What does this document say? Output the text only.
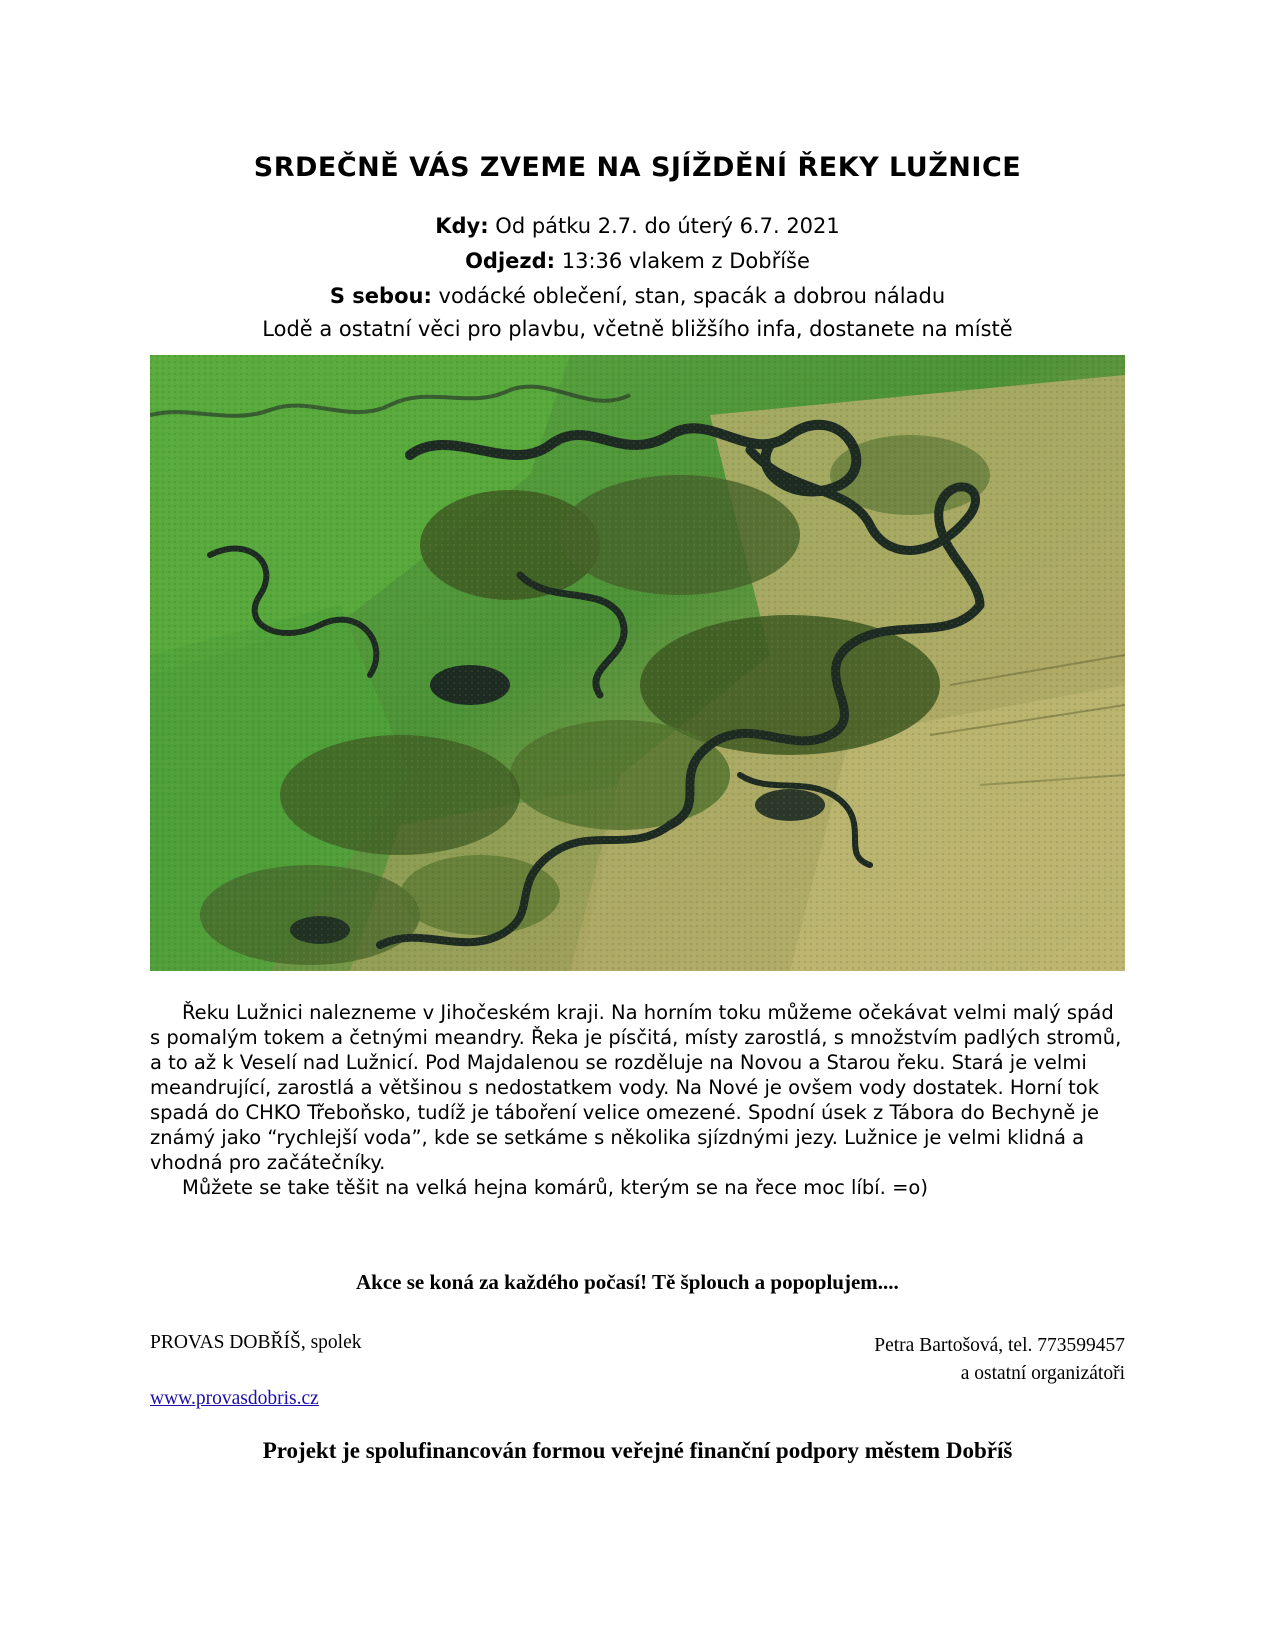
SRDEČNĚ VÁS ZVEME NA SJÍŽDĚNÍ ŘEKY LUŽNICE
Kdy: Od pátku 2.7. do úterý 6.7. 2021
Odjezd: 13:36 vlakem z Dobříše
S sebou: vodácké oblečení, stan, spacák a dobrou náladu
Lodě a ostatní věci pro plavbu, včetně bližšího infa, dostanete na místě

Řeku Lužnici nalezneme v Jihočeském kraji. Na horním toku můžeme očekávat velmi malý spád s pomalým tokem a četnými meandry. Řeka je písčitá, místy zarostlá, s množstvím padlých stromů, a to až k Veselí nad Lužnicí. Pod Majdalenou se rozděluje na Novou a Starou řeku. Stará je velmi meandrující, zarostlá a většinou s nedostatkem vody. Na Nové je ovšem vody dostatek. Horní tok spadá do CHKO Třeboňsko, tudíž je táboření velice omezené. Spodní úsek z Tábora do Bechyně je známý jako “rychlejší voda”, kde se setkáme s několika sjízdnými jezy. Lužnice je velmi klidná a vhodná pro začátečníky.

Můžete se take těšit na velká hejna komárů, kterým se na řece moc líbí. =o)

Akce se koná za každého počasí! Tě šplouch a popoplujem....
PROVAS DOBŘÍŠ, spolek	Petra Bartošová, tel. 773599457
a ostatní organizátoři
www.provasdobris.cz
Projekt je spolufinancován formou veřejné finanční podpory městem Dobříš
